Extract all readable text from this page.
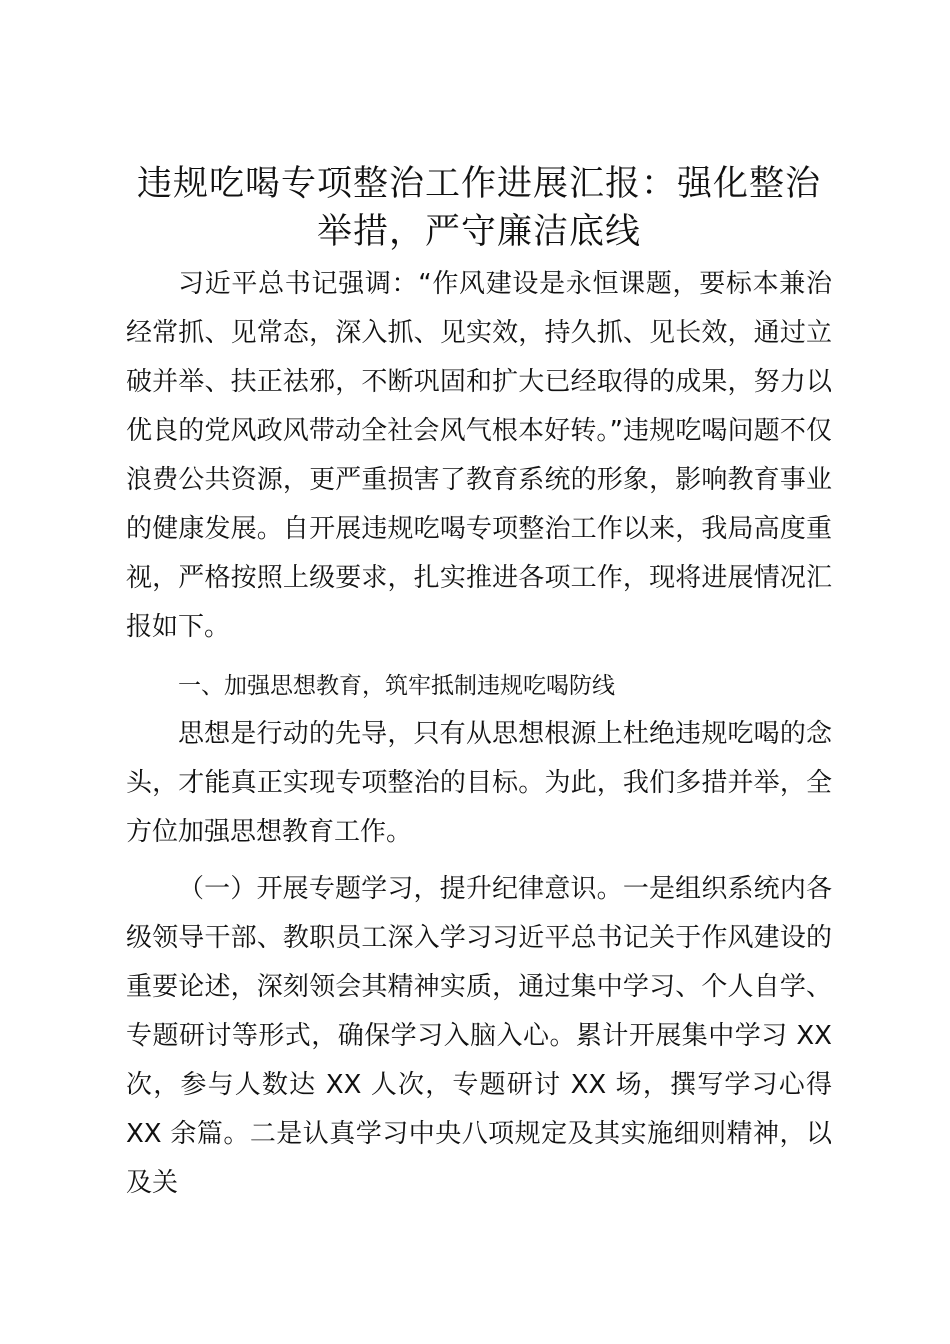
违规吃喝专项整治工作进展汇报：强化整治举措，严守廉洁底线

习近平总书记强调：“作风建设是永恒课题，要标本兼治经常抓、见常态，深入抓、见实效，持久抓、见长效，通过立破并举、扶正祛邪，不断巩固和扩大已经取得的成果，努力以优良的党风政风带动全社会风气根本好转。”违规吃喝问题不仅浪费公共资源，更严重损害了教育系统的形象，影响教育事业的健康发展。自开展违规吃喝专项整治工作以来，我局高度重视，严格按照上级要求，扎实推进各项工作，现将进展情况汇报如下。

一、加强思想教育，筑牢抵制违规吃喝防线

思想是行动的先导，只有从思想根源上杜绝违规吃喝的念头，才能真正实现专项整治的目标。为此，我们多措并举，全方位加强思想教育工作。

（一）开展专题学习，提升纪律意识。一是组织系统内各级领导干部、教职员工深入学习习近平总书记关于作风建设的重要论述，深刻领会其精神实质，通过集中学习、个人自学、专题研讨等形式，确保学习入脑入心。累计开展集中学习 XX 次，参与人数达 XX 人次，专题研讨 XX 场，撰写学习心得 XX 余篇。二是认真学习中央八项规定及其实施细则精神，以及关
